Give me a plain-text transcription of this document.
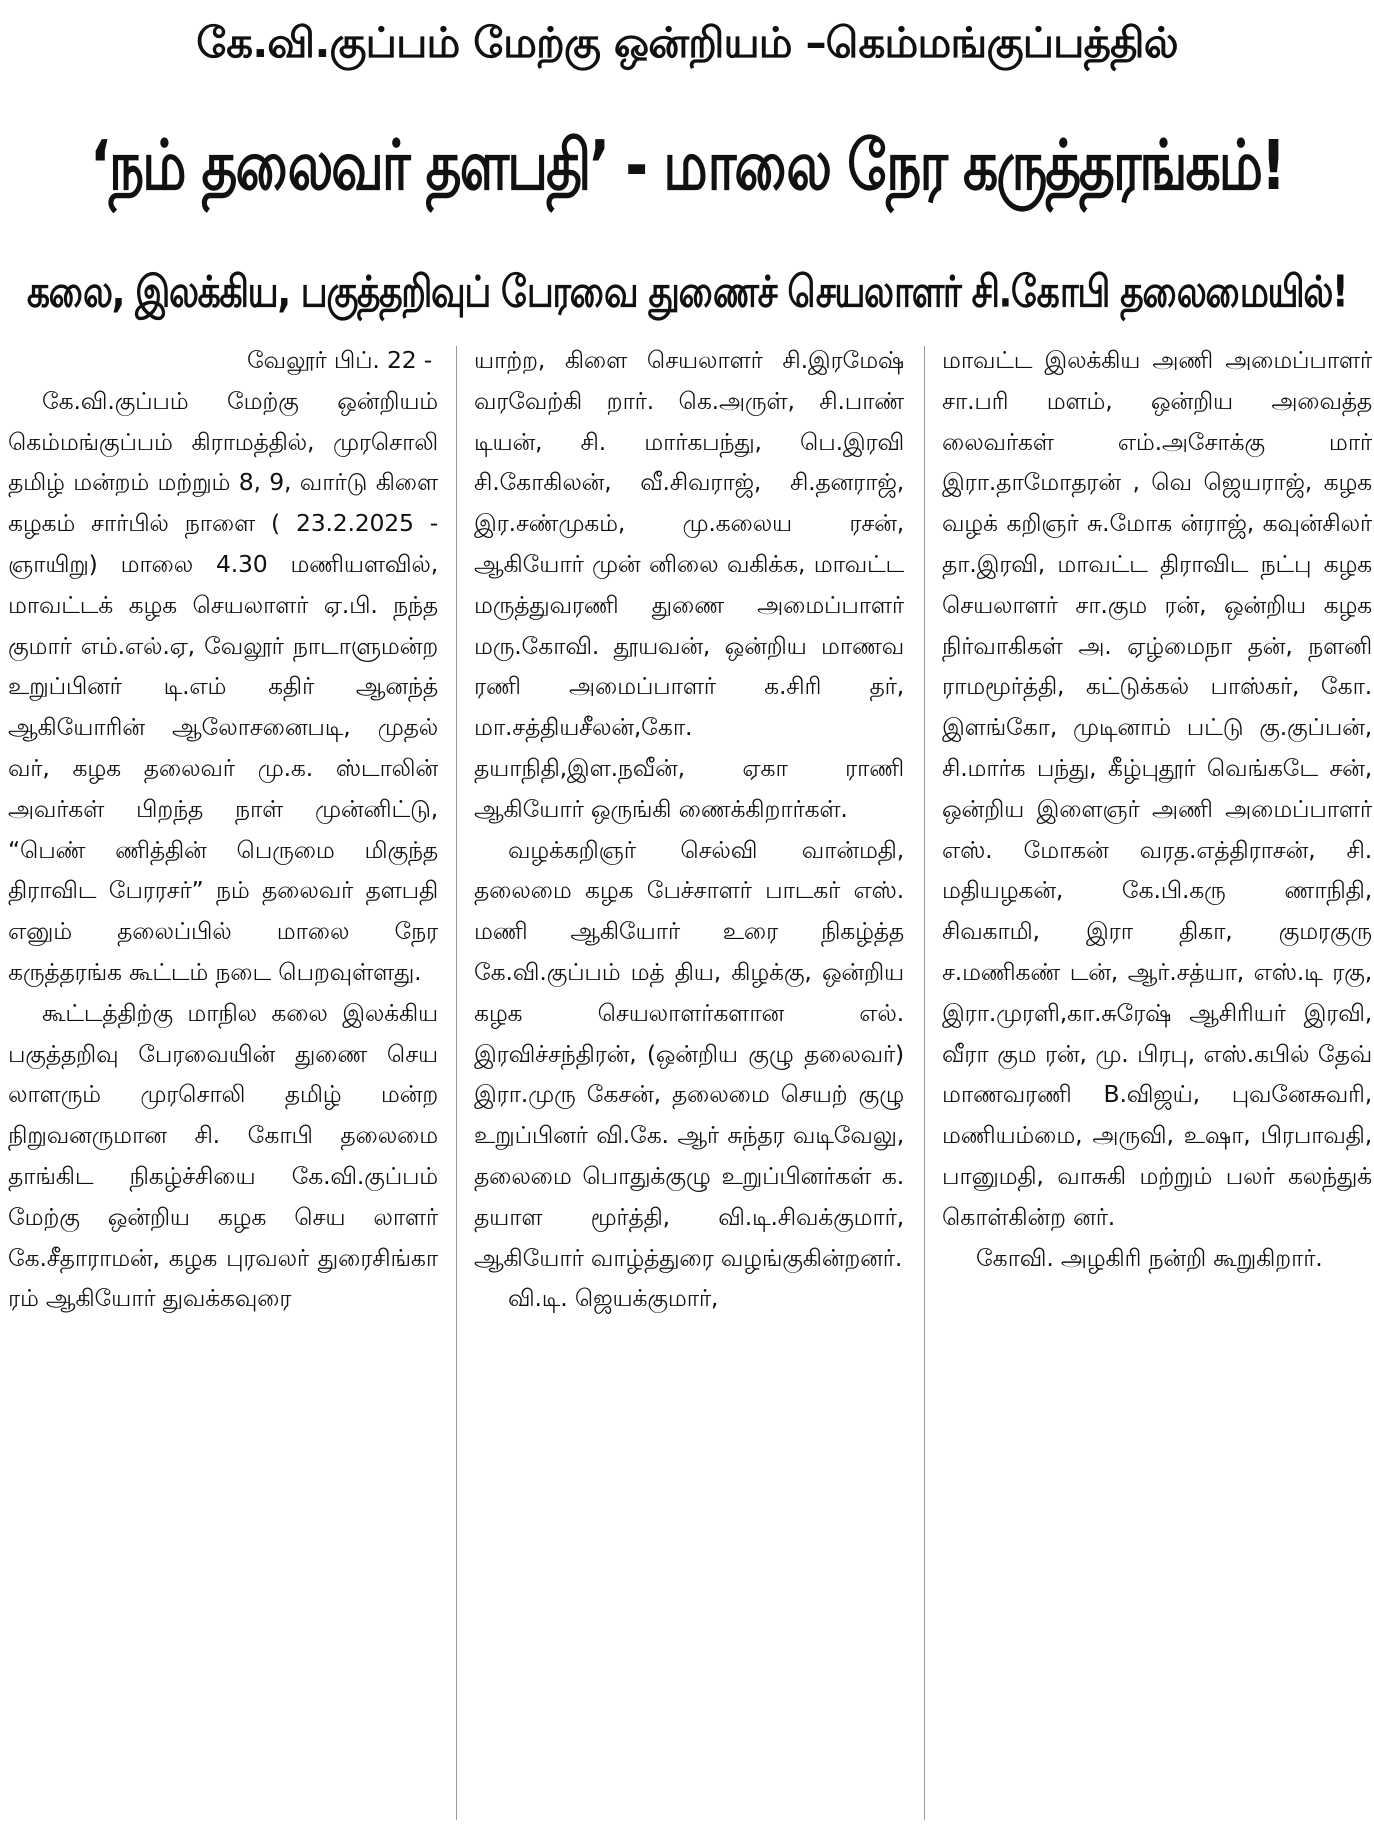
கே.வி.குப்பம் மேற்கு ஒன்றியம் –கெம்மங்குப்பத்தில்
‘நம் தலைவர் தளபதி’ - மாலை நேர கருத்தரங்கம்!
கலை, இலக்கிய, பகுத்தறிவுப் பேரவை துணைச் செயலாளர் சி.கோபி தலைமையில்!
வேலூர் பிப். 22 -

கே.வி.குப்பம் மேற்கு ஒன்றியம் கெம்மங்குப்பம் கிராமத்தில், முரசொலி தமிழ் மன்றம் மற்றும் 8, 9, வார்டு கிளை கழகம் சார்பில் நாளை ( 23.2.2025 - ஞாயிறு) மாலை 4.30 மணியளவில், மாவட்டக் கழக செயலாளர் ஏ.பி. நந்த குமார் எம்.எல்.ஏ, வேலூர் நாடாளுமன்ற உறுப்பினர் டி.எம் கதிர் ஆனந்த் ஆகியோரின் ஆலோசனைபடி, முதல் வர், கழக தலைவர் மு.க. ஸ்டாலின் அவர்கள் பிறந்த நாள் முன்னிட்டு, “பெண் ணித்தின் பெருமை மிகுந்த திராவிட பேரரசர்” நம் தலைவர் தளபதி எனும் தலைப்பில் மாலை நேர கருத்தரங்க கூட்டம் நடை பெறவுள்ளது.

கூட்டத்திற்கு மாநில கலை இலக்கிய பகுத்தறிவு பேரவையின் துணை செய லாளரும் முரசொலி தமிழ் மன்ற நிறுவனருமான சி. கோபி தலைமை தாங்கிட நிகழ்ச்சியை கே.வி.குப்பம் மேற்கு ஒன்றிய கழக செய லாளர் கே.சீதாராமன், கழக புரவலர் துரைசிங்கா ரம் ஆகியோர் துவக்கவுரை

யாற்ற, கிளை செயலாளர் சி.இரமேஷ் வரவேற்கி றார். கெ.அருள், சி.பாண் டியன், சி. மார்கபந்து, பெ.இரவி சி.கோகிலன், வீ.சிவராஜ், சி.தனராஜ், இர.சண்முகம், மு.கலைய ரசன், ஆகியோர் முன் னிலை வகிக்க, மாவட்ட மருத்துவரணி துணை அமைப்பாளர் மரு.கோவி. தூயவன், ஒன்றிய மாணவ ரணி அமைப்பாளர் க.சிரி தர், மா.சத்தியசீலன்,கோ. தயாநிதி,இள.நவீன், ஏகா ராணி ஆகியோர் ஒருங்கி ணைக்கிறார்கள்.

வழக்கறிஞர் செல்வி வான்மதி, தலைமை கழக பேச்சாளர் பாடகர் எஸ். மணி ஆகியோர் உரை நிகழ்த்த கே.வி.குப்பம் மத் திய, கிழக்கு, ஒன்றிய கழக செயலாளர்களான எல். இரவிச்சந்திரன், (ஒன்றிய குழு தலைவர்) இரா.முரு கேசன், தலைமை செயற் குழு உறுப்பினர் வி.கே. ஆர் சுந்தர வடிவேலு, தலைமை பொதுக்குழு உறுப்பினர்கள் க. தயாள மூர்த்தி, வி.டி.சிவக்குமார், ஆகியோர் வாழ்த்துரை வழங்குகின்றனர்.

வி.டி. ஜெயக்குமார்,

மாவட்ட இலக்கிய அணி அமைப்பாளர் சா.பரி மளம், ஒன்றிய அவைத்த லைவர்கள் எம்.அசோக்கு மார் இரா.தாமோதரன் , வெ ஜெயராஜ், கழக வழக் கறிஞர் சு.மோக ன்ராஜ், கவுன்சிலர் தா.இரவி, மாவட்ட திராவிட நட்பு கழக செயலாளர் சா.கும ரன், ஒன்றிய கழக நிர்வாகிகள் அ. ஏழ்மைநா தன், நளனி ராமமூர்த்தி, கட்டுக்கல் பாஸ்கர், கோ. இளங்கோ, முடினாம் பட்டு கு.குப்பன், சி.மார்க பந்து, கீழ்புதூர் வெங்கடே சன், ஒன்றிய இளைஞர் அணி அமைப்பாளர் எஸ். மோகன் வரத.எத்திராசன், சி. மதியழகன், கே.பி.கரு ணாநிதி, சிவகாமி, இரா திகா, குமரகுரு ச.மணிகண் டன், ஆர்.சத்யா, எஸ்.டி ரகு, இரா.முரளி,கா.சுரேஷ் ஆசிரியர் இரவி, வீரா கும ரன், மு. பிரபு, எஸ்.கபில் தேவ் மாணவரணி B.விஜய், புவனேசுவரி, மணியம்மை, அருவி, உஷா, பிரபாவதி, பானுமதி, வாசுகி மற்றும் பலர் கலந்துக் கொள்கின்ற னர்.

கோவி. அழகிரி நன்றி கூறுகிறார்.
